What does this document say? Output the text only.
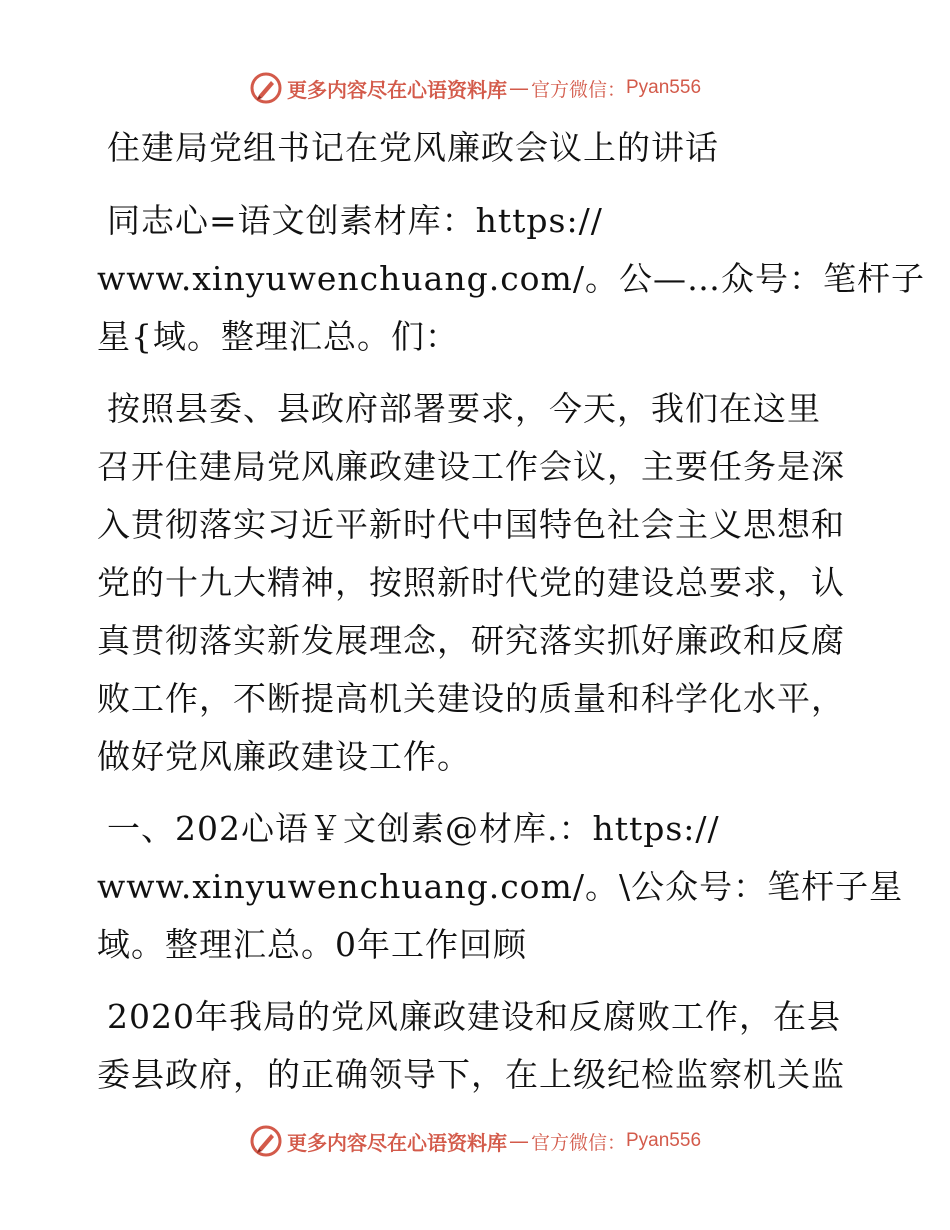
更多内容尽在心语资料库 — 官方微信： Pyan556
住建局党组书记在党风廉政会议上的讲话
同志心=语文创素材库：https://
www.xinyuwenchuang.com/。公—…众号：笔杆子
星{域。整理汇总。们：
按照县委、县政府部署要求，今天，我们在这里
召开住建局党风廉政建设工作会议，主要任务是深
入贯彻落实习近平新时代中国特色社会主义思想和
党的十九大精神，按照新时代党的建设总要求，认
真贯彻落实新发展理念，研究落实抓好廉政和反腐
败工作，不断提高机关建设的质量和科学化水平，
做好党风廉政建设工作。
一、202心语￥文创素@材库.：https://
www.xinyuwenchuang.com/。\公众号：笔杆子星
域。整理汇总。0年工作回顾
2020年我局的党风廉政建设和反腐败工作，在县
委县政府，的正确领导下，在上级纪检监察机关监
更多内容尽在心语资料库 — 官方微信： Pyan556
